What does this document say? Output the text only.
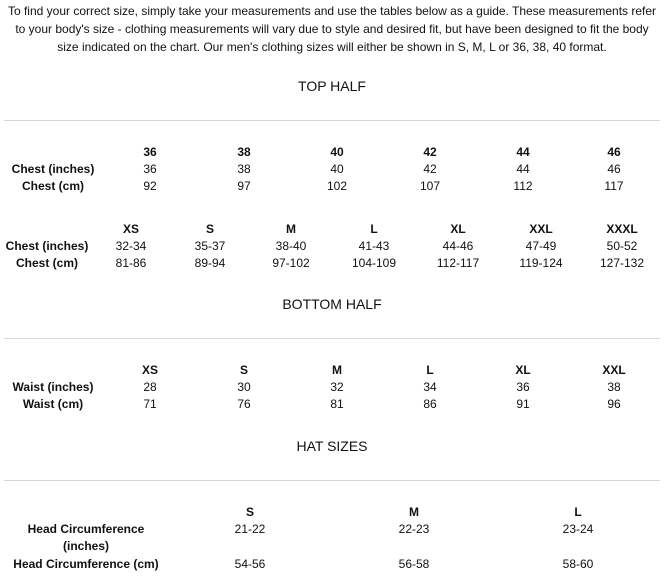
To find your correct size, simply take your measurements and use the tables below as a guide. These measurements refer to your body's size - clothing measurements will vary due to style and desired fit, but have been designed to fit the body size indicated on the chart. Our men's clothing sizes will either be shown in S, M, L or 36, 38, 40 format.

TOP HALF
	36	38	40	42	44	46
Chest (inches)	36	38	40	42	44	46
Chest (cm)	92	97	102	107	112	117
	XS	S	M	L	XL	XXL	XXXL
Chest (inches)	32-34	35-37	38-40	41-43	44-46	47-49	50-52
Chest (cm)	81-86	89-94	97-102	104-109	112-117	119-124	127-132
BOTTOM HALF
	XS	S	M	L	XL	XXL
Waist (inches)	28	30	32	34	36	38
Waist (cm)	71	76	81	86	91	96
HAT SIZES
	S	M	L
Head Circumference (inches)	21-22	22-23	23-24
Head Circumference (cm)	54-56	56-58	58-60
